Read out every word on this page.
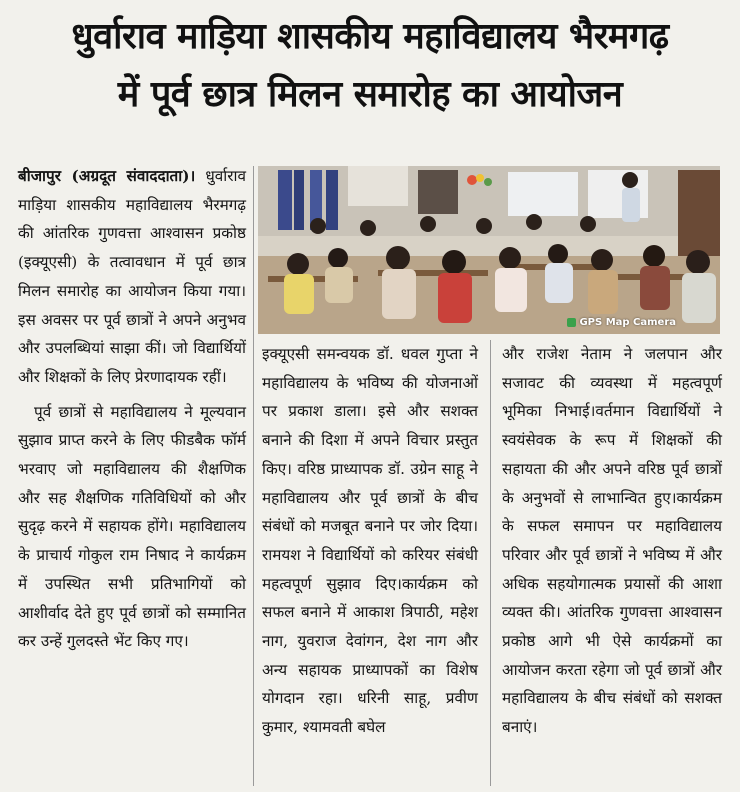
धुर्वाराव माड़िया शासकीय महाविद्यालय भैरमगढ़
में पूर्व छात्र मिलन समारोह का आयोजन

बीजापुर (अग्रदूत संवाददाता)। धुर्वाराव माड़िया शासकीय महाविद्यालय भैरमगढ़ की आंतरिक गुणवत्ता आश्वासन प्रकोष्ठ (इक्यूएसी) के तत्वावधान में पूर्व छात्र मिलन समारोह का आयोजन किया गया। इस अवसर पर पूर्व छात्रों ने अपने अनुभव और उपलब्धियां साझा कीं। जो विद्यार्थियों और शिक्षकों के लिए प्रेरणादायक रहीं।

पूर्व छात्रों से महाविद्यालय ने मूल्यवान सुझाव प्राप्त करने के लिए फीडबैक फॉर्म भरवाए जो महाविद्यालय की शैक्षणिक और सह शैक्षणिक गतिविधियों को और सुदृढ़ करने में सहायक होंगे। महाविद्यालय के प्राचार्य गोकुल राम निषाद ने कार्यक्रम में उपस्थित सभी प्रतिभागियों को आशीर्वाद देते हुए पूर्व छात्रों को सम्मानित कर उन्हें गुलदस्ते भेंट किए गए।

GPS Map Camera

इक्यूएसी समन्वयक डॉ. धवल गुप्ता ने महाविद्यालय के भविष्य की योजनाओं पर प्रकाश डाला। इसे और सशक्त बनाने की दिशा में अपने विचार प्रस्तुत किए। वरिष्ठ प्राध्यापक डॉ. उग्रेन साहू ने महाविद्यालय और पूर्व छात्रों के बीच संबंधों को मजबूत बनाने पर जोर दिया। रामयश ने विद्यार्थियों को करियर संबंधी महत्वपूर्ण सुझाव दिए।कार्यक्रम को सफल बनाने में आकाश त्रिपाठी, महेश नाग, युवराज देवांगन, देश नाग और अन्य सहायक प्राध्यापकों का विशेष योगदान रहा। धरिनी साहू, प्रवीण कुमार, श्यामवती बघेल

और राजेश नेताम ने जलपान और सजावट की व्यवस्था में महत्वपूर्ण भूमिका निभाई।वर्तमान विद्यार्थियों ने स्वयंसेवक के रूप में शिक्षकों की सहायता की और अपने वरिष्ठ पूर्व छात्रों के अनुभवों से लाभान्वित हुए।कार्यक्रम के सफल समापन पर महाविद्यालय परिवार और पूर्व छात्रों ने भविष्य में और अधिक सहयोगात्मक प्रयासों की आशा व्यक्त की। आंतरिक गुणवत्ता आश्वासन प्रकोष्ठ आगे भी ऐसे कार्यक्रमों का आयोजन करता रहेगा जो पूर्व छात्रों और महाविद्यालय के बीच संबंधों को सशक्त बनाएं।
